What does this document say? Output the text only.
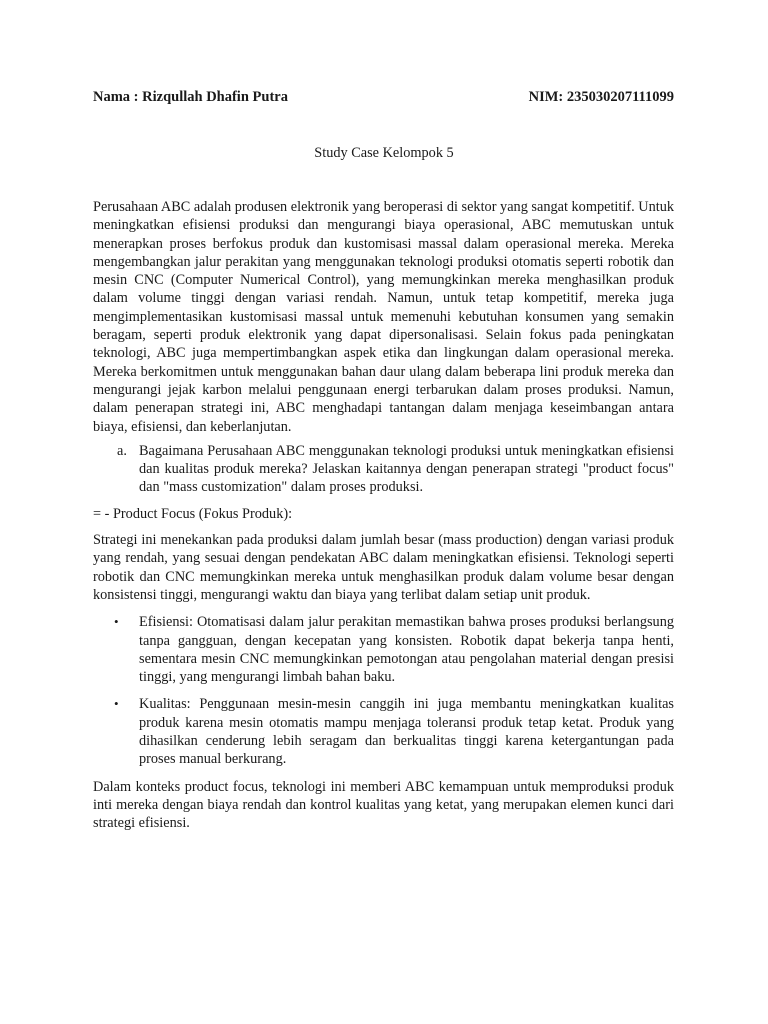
Nama : Rizqullah Dhafin Putra	NIM: 235030207111099
Study Case Kelompok 5

Perusahaan ABC adalah produsen elektronik yang beroperasi di sektor yang sangat kompetitif. Untuk meningkatkan efisiensi produksi dan mengurangi biaya operasional, ABC memutuskan untuk menerapkan proses berfokus produk dan kustomisasi massal dalam operasional mereka. Mereka mengembangkan jalur perakitan yang menggunakan teknologi produksi otomatis seperti robotik dan mesin CNC (Computer Numerical Control), yang memungkinkan mereka menghasilkan produk dalam volume tinggi dengan variasi rendah. Namun, untuk tetap kompetitif, mereka juga mengimplementasikan kustomisasi massal untuk memenuhi kebutuhan konsumen yang semakin beragam, seperti produk elektronik yang dapat dipersonalisasi. Selain fokus pada peningkatan teknologi, ABC juga mempertimbangkan aspek etika dan lingkungan dalam operasional mereka. Mereka berkomitmen untuk menggunakan bahan daur ulang dalam beberapa lini produk mereka dan mengurangi jejak karbon melalui penggunaan energi terbarukan dalam proses produksi. Namun, dalam penerapan strategi ini, ABC menghadapi tantangan dalam menjaga keseimbangan antara biaya, efisiensi, dan keberlanjutan.

a. Bagaimana Perusahaan ABC menggunakan teknologi produksi untuk meningkatkan efisiensi dan kualitas produk mereka? Jelaskan kaitannya dengan penerapan strategi "product focus" dan "mass customization" dalam proses produksi.

= - Product Focus (Fokus Produk):

Strategi ini menekankan pada produksi dalam jumlah besar (mass production) dengan variasi produk yang rendah, yang sesuai dengan pendekatan ABC dalam meningkatkan efisiensi. Teknologi seperti robotik dan CNC memungkinkan mereka untuk menghasilkan produk dalam volume besar dengan konsistensi tinggi, mengurangi waktu dan biaya yang terlibat dalam setiap unit produk.

•	Efisiensi: Otomatisasi dalam jalur perakitan memastikan bahwa proses produksi berlangsung tanpa gangguan, dengan kecepatan yang konsisten. Robotik dapat bekerja tanpa henti, sementara mesin CNC memungkinkan pemotongan atau pengolahan material dengan presisi tinggi, yang mengurangi limbah bahan baku.
•	Kualitas: Penggunaan mesin-mesin canggih ini juga membantu meningkatkan kualitas produk karena mesin otomatis mampu menjaga toleransi produk tetap ketat. Produk yang dihasilkan cenderung lebih seragam dan berkualitas tinggi karena ketergantungan pada proses manual berkurang.

Dalam konteks product focus, teknologi ini memberi ABC kemampuan untuk memproduksi produk inti mereka dengan biaya rendah dan kontrol kualitas yang ketat, yang merupakan elemen kunci dari strategi efisiensi.
